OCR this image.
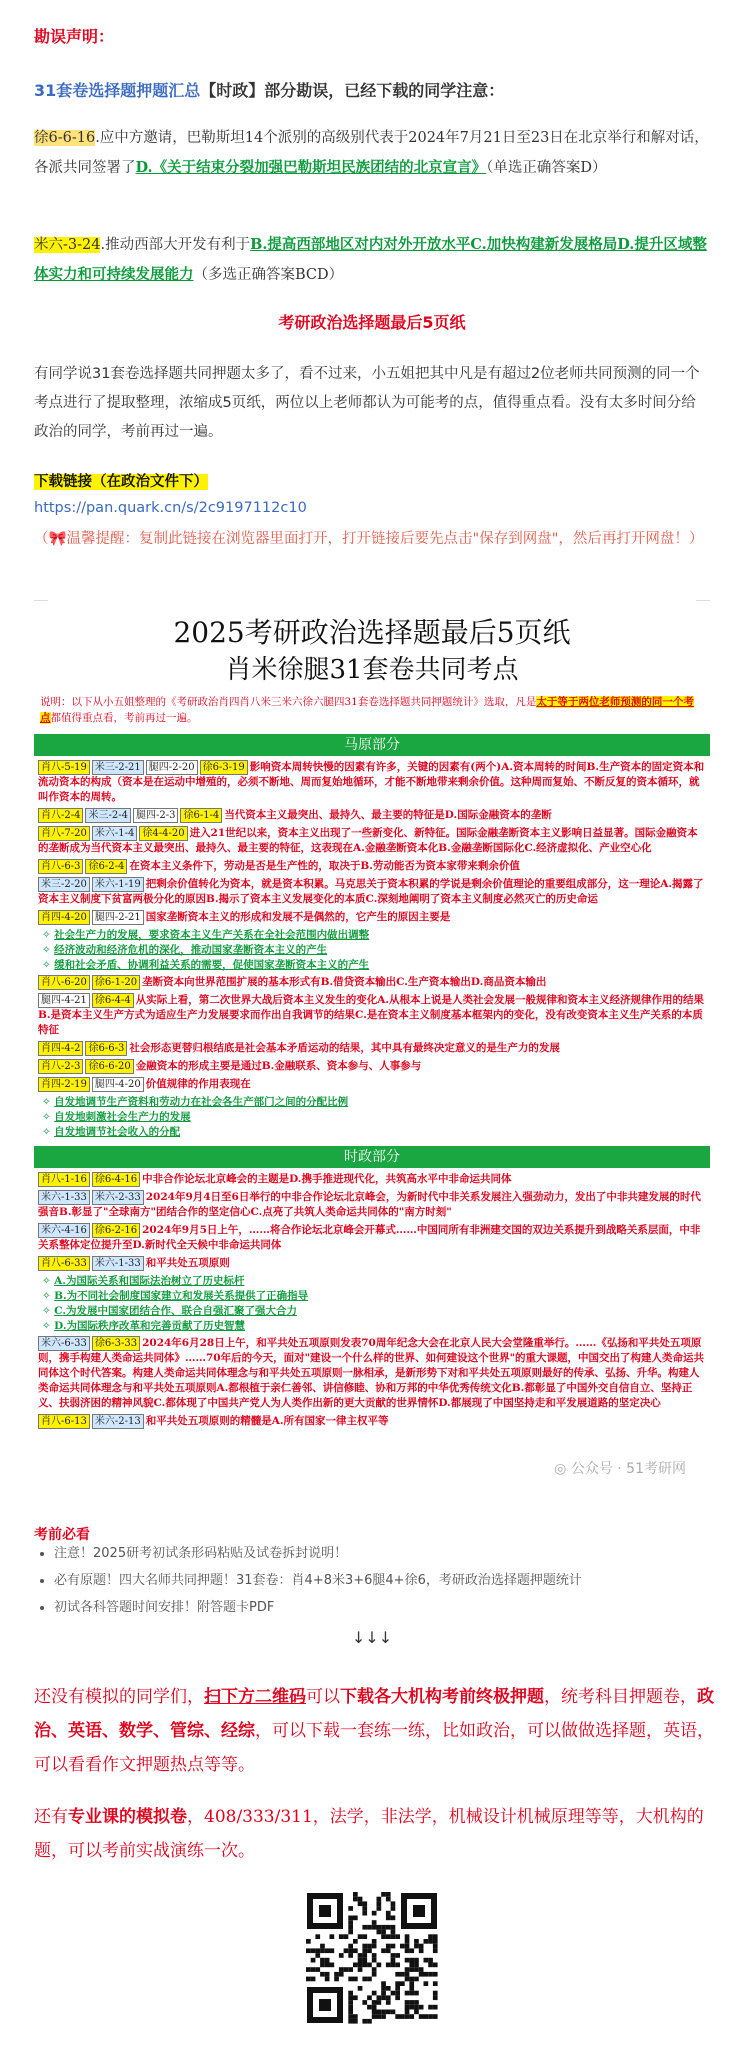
勘误声明：
31套卷选择题押题汇总【时政】部分勘误，已经下载的同学注意：
徐6-6-16.应中方邀请，巴勒斯坦14个派别的高级别代表于2024年7月21日至23日在北京举行和解对话，各派共同签署了D.《关于结束分裂加强巴勒斯坦民族团结的北京宣言》（单选正确答案D）
米六-3-24.推动西部大开发有利于B.提高西部地区对内对外开放水平C.加快构建新发展格局D.提升区域整体实力和可持续发展能力（多选正确答案BCD）
考研政治选择题最后5页纸
有同学说31套卷选择题共同押题太多了，看不过来，小五姐把其中凡是有超过2位老师共同预测的同一个考点进行了提取整理，浓缩成5页纸，两位以上老师都认为可能考的点，值得重点看。没有太多时间分给政治的同学，考前再过一遍。
下载链接（在政治文件下）
https://pan.quark.cn/s/2c9197112c10
（🎀温馨提醒：复制此链接在浏览器里面打开，打开链接后要先点击"保存到网盘"，然后再打开网盘！）
2025考研政治选择题最后5页纸
肖米徐腿31套卷共同考点
说明：以下从小五姐整理的《考研政治肖四肖八米三米六徐六腿四31套卷选择题共同押题统计》选取，凡是太于等于两位老师预测的同一个考点都值得重点看，考前再过一遍。
马原部分
肖八-5-19 米三-2-21 腿四-2-20 徐6-3-19 影响资本周转快慢的因素有许多，关键的因素有(两个)A.资本周转的时间B.生产资本的固定资本和流动资本的构成（资本是在运动中增殖的，必须不断地、周而复始地循环，才能不断地带来剩余价值。这种周而复始、不断反复的资本循环，就叫作资本的周转。
肖八-2-4 米三-2-4 腿四-2-3 徐6-1-4 当代资本主义最突出、最持久、最主要的特征是D.国际金融资本的垄断
肖八-7-20 米六-1-4 徐4-4-20 进入21世纪以来，资本主义出现了一些新变化、新特征。国际金融垄断资本主义影响日益显著。国际金融资本的垄断成为当代资本主义最突出、最持久、最主要的特征，这表现在A.金融垄断资本化B.金融垄断国际化C.经济虚拟化、产业空心化
肖八-6-3 徐6-2-4 在资本主义条件下，劳动是否是生产性的，取决于B.劳动能否为资本家带来剩余价值
米三-2-20 米六-1-19 把剩余价值转化为资本，就是资本积累。马克思关于资本积累的学说是剩余价值理论的重要组成部分，这一理论A.揭露了资本主义制度下贫富两极分化的原因B.揭示了资本主义发展变化的本质C.深刻地阐明了资本主义制度必然灭亡的历史命运
肖四-4-20 腿四-2-21 国家垄断资本主义的形成和发展不是偶然的，它产生的原因主要是
✧ 社会生产力的发展，要求资本主义生产关系在全社会范围内做出调整
✧ 经济波动和经济危机的深化，推动国家垄断资本主义的产生
✧ 缓和社会矛盾、协调利益关系的需要，促使国家垄断资本主义的产生
肖八-6-20 徐6-1-20 垄断资本向世界范围扩展的基本形式有B.借贷资本输出C.生产资本输出D.商品资本输出
腿四-4-21 徐6-4-4 从实际上看，第二次世界大战后资本主义发生的变化A.从根本上说是人类社会发展一般规律和资本主义经济规律作用的结果B.是资本主义生产方式为适应生产力发展要求而作出自我调节的结果C.是在资本主义制度基本框架内的变化，没有改变资本主义生产关系的本质特征
肖四-4-2 徐6-6-3 社会形态更替归根结底是社会基本矛盾运动的结果，其中具有最终决定意义的是生产力的发展
肖八-2-3 徐6-6-20 金融资本的形成主要是通过B.金融联系、资本参与、人事参与
肖四-2-19 腿四-4-20 价值规律的作用表现在
✧ 自发地调节生产资料和劳动力在社会各生产部门之间的分配比例
✧ 自发地刺激社会生产力的发展
✧ 自发地调节社会收入的分配
时政部分
肖八-1-16 徐6-4-16 中非合作论坛北京峰会的主题是D.携手推进现代化，共筑高水平中非命运共同体
米六-1-33 米六-2-33 2024年9月4日至6日举行的中非合作论坛北京峰会，为新时代中非关系发展注入强劲动力，发出了中非共建发展的时代强音B.彰显了"全球南方"团结合作的坚定信心C.点亮了共筑人类命运共同体的"南方时刻"
米六-4-16 徐6-2-16 2024年9月5日上午，……将合作论坛北京峰会开幕式……中国同所有非洲建交国的双边关系提升到战略关系层面，中非关系整体定位提升至D.新时代全天候中非命运共同体
肖八-6-33 米六-1-33 和平共处五项原则
✧ A.为国际关系和国际法治树立了历史标杆
✧ B.为不同社会制度国家建立和发展关系提供了正确指导
✧ C.为发展中国家团结合作、联合自强汇聚了强大合力
✧ D.为国际秩序改革和完善贡献了历史智慧
米六-6-33 徐6-3-33 2024年6月28日上午，和平共处五项原则发表70周年纪念大会在北京人民大会堂隆重举行。……《弘扬和平共处五项原则，携手构建人类命运共同体》……70年后的今天，面对"建设一个什么样的世界、如何建设这个世界"的重大课题，中国交出了构建人类命运共同体这个时代答案。构建人类命运共同体理念与和平共处五项原则一脉相承，是新形势下对和平共处五项原则最好的传承、弘扬、升华。构建人类命运共同体理念与和平共处五项原则A.都根植于亲仁善邻、讲信修睦、协和万邦的中华优秀传统文化B.都彰显了中国外交自信自立、坚持正义、扶弱济困的精神风貌C.都体现了中国共产党人为人类作出新的更大贡献的世界情怀D.都展现了中国坚持走和平发展道路的坚定决心
肖八-6-13 米六-2-13 和平共处五项原则的精髓是A.所有国家一律主权平等
◎ 公众号 · 51考研网
考前必看
• 注意！2025研考初试条形码粘贴及试卷拆封说明！
• 必有原题！四大名师共同押题！31套卷：肖4+8米3+6腿4+徐6，考研政治选择题押题统计
• 初试各科答题时间安排！附答题卡PDF
↓↓↓
还没有模拟的同学们，扫下方二维码可以下载各大机构考前终极押题，统考科目押题卷，政治、英语、数学、管综、经综，可以下载一套练一练，比如政治，可以做做选择题，英语，可以看看作文押题热点等等。
还有专业课的模拟卷，408/333/311，法学，非法学，机械设计机械原理等等，大机构的题，可以考前实战演练一次。
